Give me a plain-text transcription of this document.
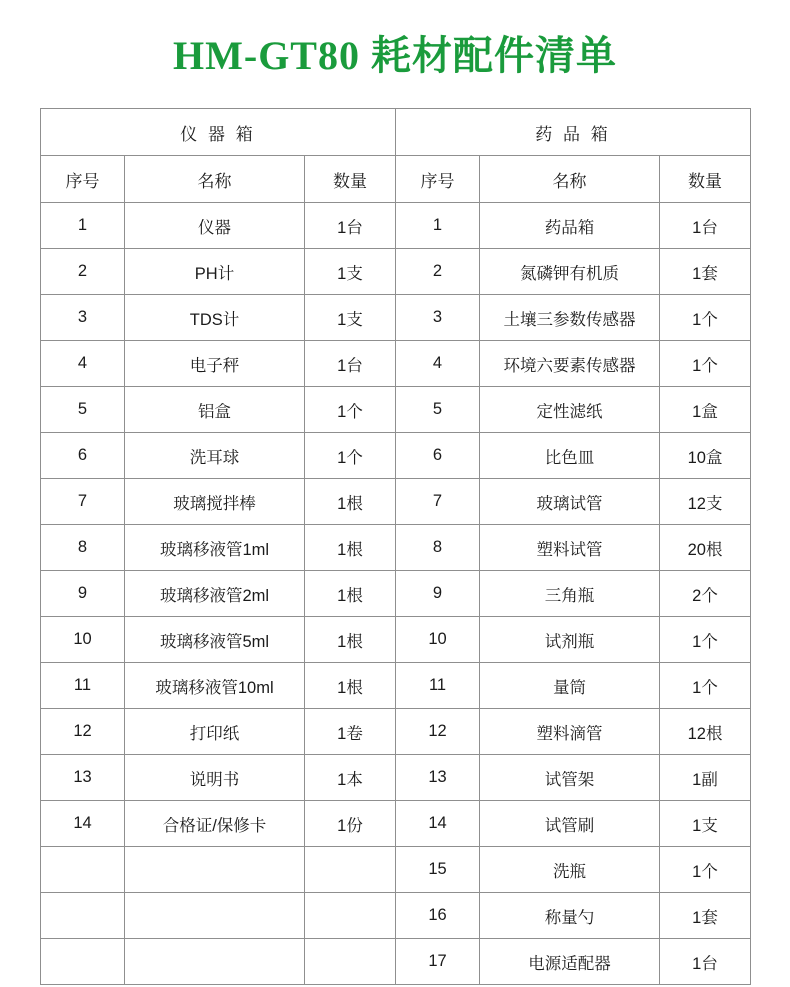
HM-GT80 耗材配件清单
仪 器 箱			药 品 箱		
序号	名称	数量	序号	名称	数量
1	仪器	1台	1	药品箱	1台
2	PH计	1支	2	氮磷钾有机质	1套
3	TDS计	1支	3	土壤三参数传感器	1个
4	电子秤	1台	4	环境六要素传感器	1个
5	铝盒	1个	5	定性滤纸	1盒
6	洗耳球	1个	6	比色皿	10盒
7	玻璃搅拌棒	1根	7	玻璃试管	12支
8	玻璃移液管1ml	1根	8	塑料试管	20根
9	玻璃移液管2ml	1根	9	三角瓶	2个
10	玻璃移液管5ml	1根	10	试剂瓶	1个
11	玻璃移液管10ml	1根	11	量筒	1个
12	打印纸	1卷	12	塑料滴管	12根
13	说明书	1本	13	试管架	1副
14	合格证/保修卡	1份	14	试管刷	1支
			15	洗瓶	1个
			16	称量勺	1套
			17	电源适配器	1台
